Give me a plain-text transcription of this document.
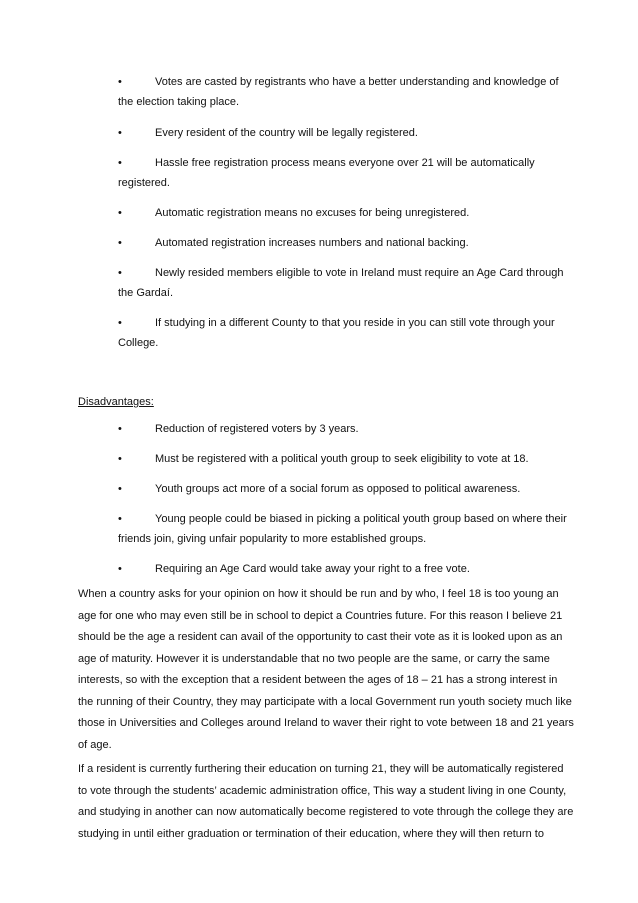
•	Votes are casted by registrants who have a better understanding and knowledge of
the election taking place.
•	Every resident of the country will be legally registered.
•	Hassle free registration process means everyone over 21 will be automatically
registered.
•	Automatic registration means no excuses for being unregistered.
•	Automated registration increases numbers and national backing.
•	Newly resided members eligible to vote in Ireland must require an Age Card through
the Gardaí.
•	If studying in a different County to that you reside in you can still vote through your
College.
Disadvantages:
•	Reduction of registered voters by 3 years.
•	Must be registered with a political youth group to seek eligibility to vote at 18.
•	Youth groups act more of a social forum as opposed to political awareness.
•	Young people could be biased in picking a political youth group based on where their
friends join, giving unfair popularity to more established groups.
•	Requiring an Age Card would take away your right to a free vote.
When a country asks for your opinion on how it should be run and by who, I feel 18 is too young an
age for one who may even still be in school to depict a Countries future. For this reason I believe 21
should be the age a resident can avail of the opportunity to cast their vote as it is looked upon as an
age of maturity. However it is understandable that no two people are the same, or carry the same
interests, so with the exception that a resident between the ages of 18 – 21 has a strong interest in
the running of their Country, they may participate with a local Government run youth society much like
those in Universities and Colleges around Ireland to waver their right to vote between 18 and 21 years
of age.
If a resident is currently furthering their education on turning 21, they will be automatically registered
to vote through the students’ academic administration office, This way a student living in one County,
and studying in another can now automatically become registered to vote through the college they are
studying in until either graduation or termination of their education, where they will then return to
